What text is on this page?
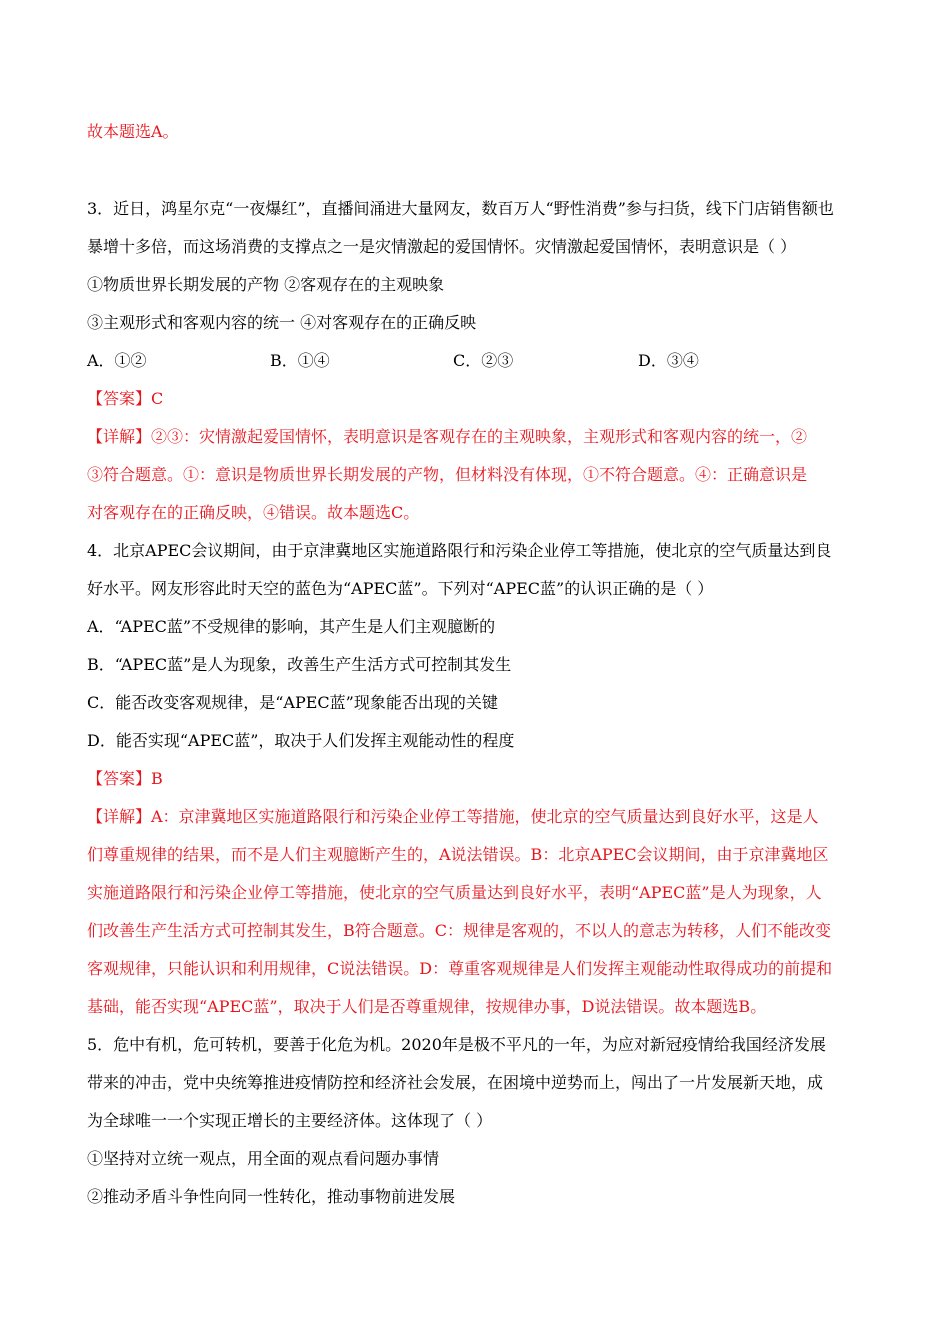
故本题选A。
3．近日，鸿星尔克“一夜爆红”，直播间涌进大量网友，数百万人“野性消费”参与扫货，线下门店销售额也
暴增十多倍，而这场消费的支撑点之一是灾情激起的爱国情怀。灾情激起爱国情怀，表明意识是（ ）
①物质世界长期发展的产物 ②客观存在的主观映象
③主观形式和客观内容的统一 ④对客观存在的正确反映
A．①②	B．①④	C．②③	D．③④
【答案】C
【详解】②③：灾情激起爱国情怀，表明意识是客观存在的主观映象，主观形式和客观内容的统一，②
③符合题意。①：意识是物质世界长期发展的产物，但材料没有体现，①不符合题意。④：正确意识是
对客观存在的正确反映，④错误。故本题选C。
4．北京APEC会议期间，由于京津冀地区实施道路限行和污染企业停工等措施，使北京的空气质量达到良
好水平。网友形容此时天空的蓝色为“APEC蓝”。下列对“APEC蓝”的认识正确的是（ ）
A．“APEC蓝”不受规律的影响，其产生是人们主观臆断的
B．“APEC蓝”是人为现象，改善生产生活方式可控制其发生
C．能否改变客观规律，是“APEC蓝”现象能否出现的关键
D．能否实现“APEC蓝”，取决于人们发挥主观能动性的程度
【答案】B
【详解】A：京津冀地区实施道路限行和污染企业停工等措施，使北京的空气质量达到良好水平，这是人
们尊重规律的结果，而不是人们主观臆断产生的，A说法错误。B：北京APEC会议期间，由于京津冀地区
实施道路限行和污染企业停工等措施，使北京的空气质量达到良好水平，表明“APEC蓝”是人为现象，人
们改善生产生活方式可控制其发生，B符合题意。C：规律是客观的，不以人的意志为转移，人们不能改变
客观规律，只能认识和利用规律，C说法错误。D：尊重客观规律是人们发挥主观能动性取得成功的前提和
基础，能否实现“APEC蓝”，取决于人们是否尊重规律，按规律办事，D说法错误。故本题选B。
5．危中有机，危可转机，要善于化危为机。2020年是极不平凡的一年，为应对新冠疫情给我国经济发展
带来的冲击，党中央统筹推进疫情防控和经济社会发展，在困境中逆势而上，闯出了一片发展新天地，成
为全球唯一一个实现正增长的主要经济体。这体现了（ ）
①坚持对立统一观点，用全面的观点看问题办事情
②推动矛盾斗争性向同一性转化，推动事物前进发展
